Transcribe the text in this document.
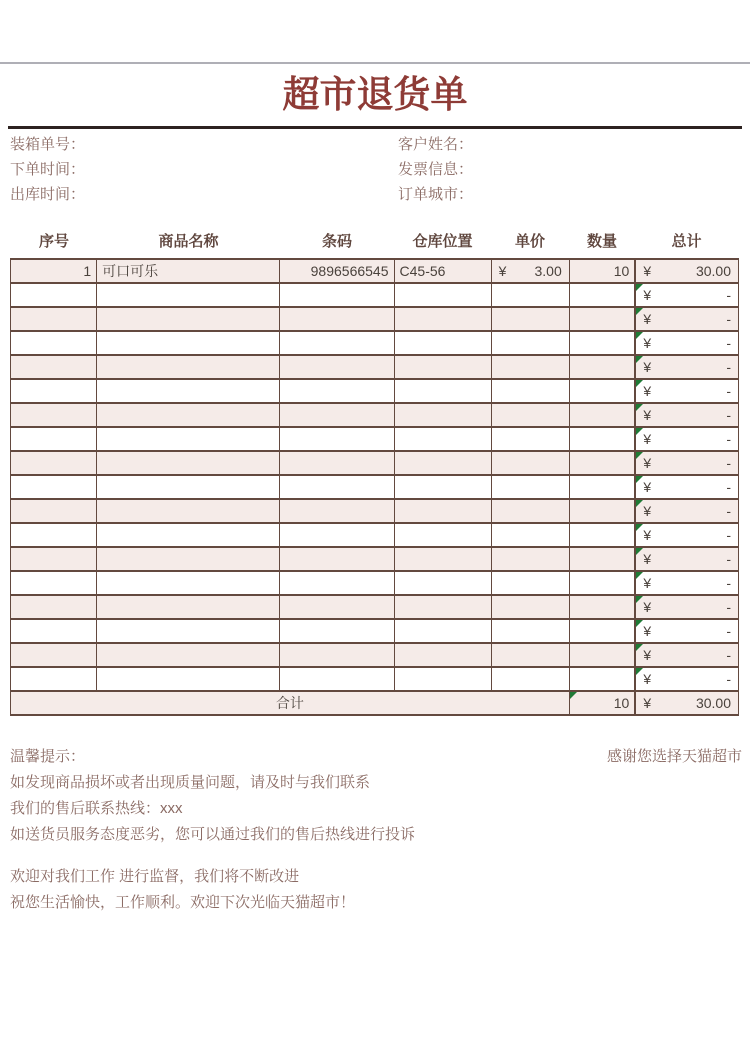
超市退货单
装箱单号：
下单时间：
出库时间：
客户姓名：
发票信息：
订单城市：
序号	商品名称	条码	仓库位置	单价	数量	总计
1	可口可乐	9896566545	C45-56	¥ 3.00	10	¥ 30.00

						¥ -

						¥ -

						¥ -

						¥ -

						¥ -

						¥ -

						¥ -

						¥ -

						¥ -

						¥ -

						¥ -

						¥ -

						¥ -

						¥ -

						¥ -

						¥ -

						¥ -

合计					10	¥ 30.00
温馨提示：	感谢您选择天猫超市
如发现商品损坏或者出现质量问题，请及时与我们联系
我们的售后联系热线：xxx
如送货员服务态度恶劣，您可以通过我们的售后热线进行投诉
欢迎对我们工作 进行监督，我们将不断改进
祝您生活愉快，工作顺利。欢迎下次光临天猫超市！
